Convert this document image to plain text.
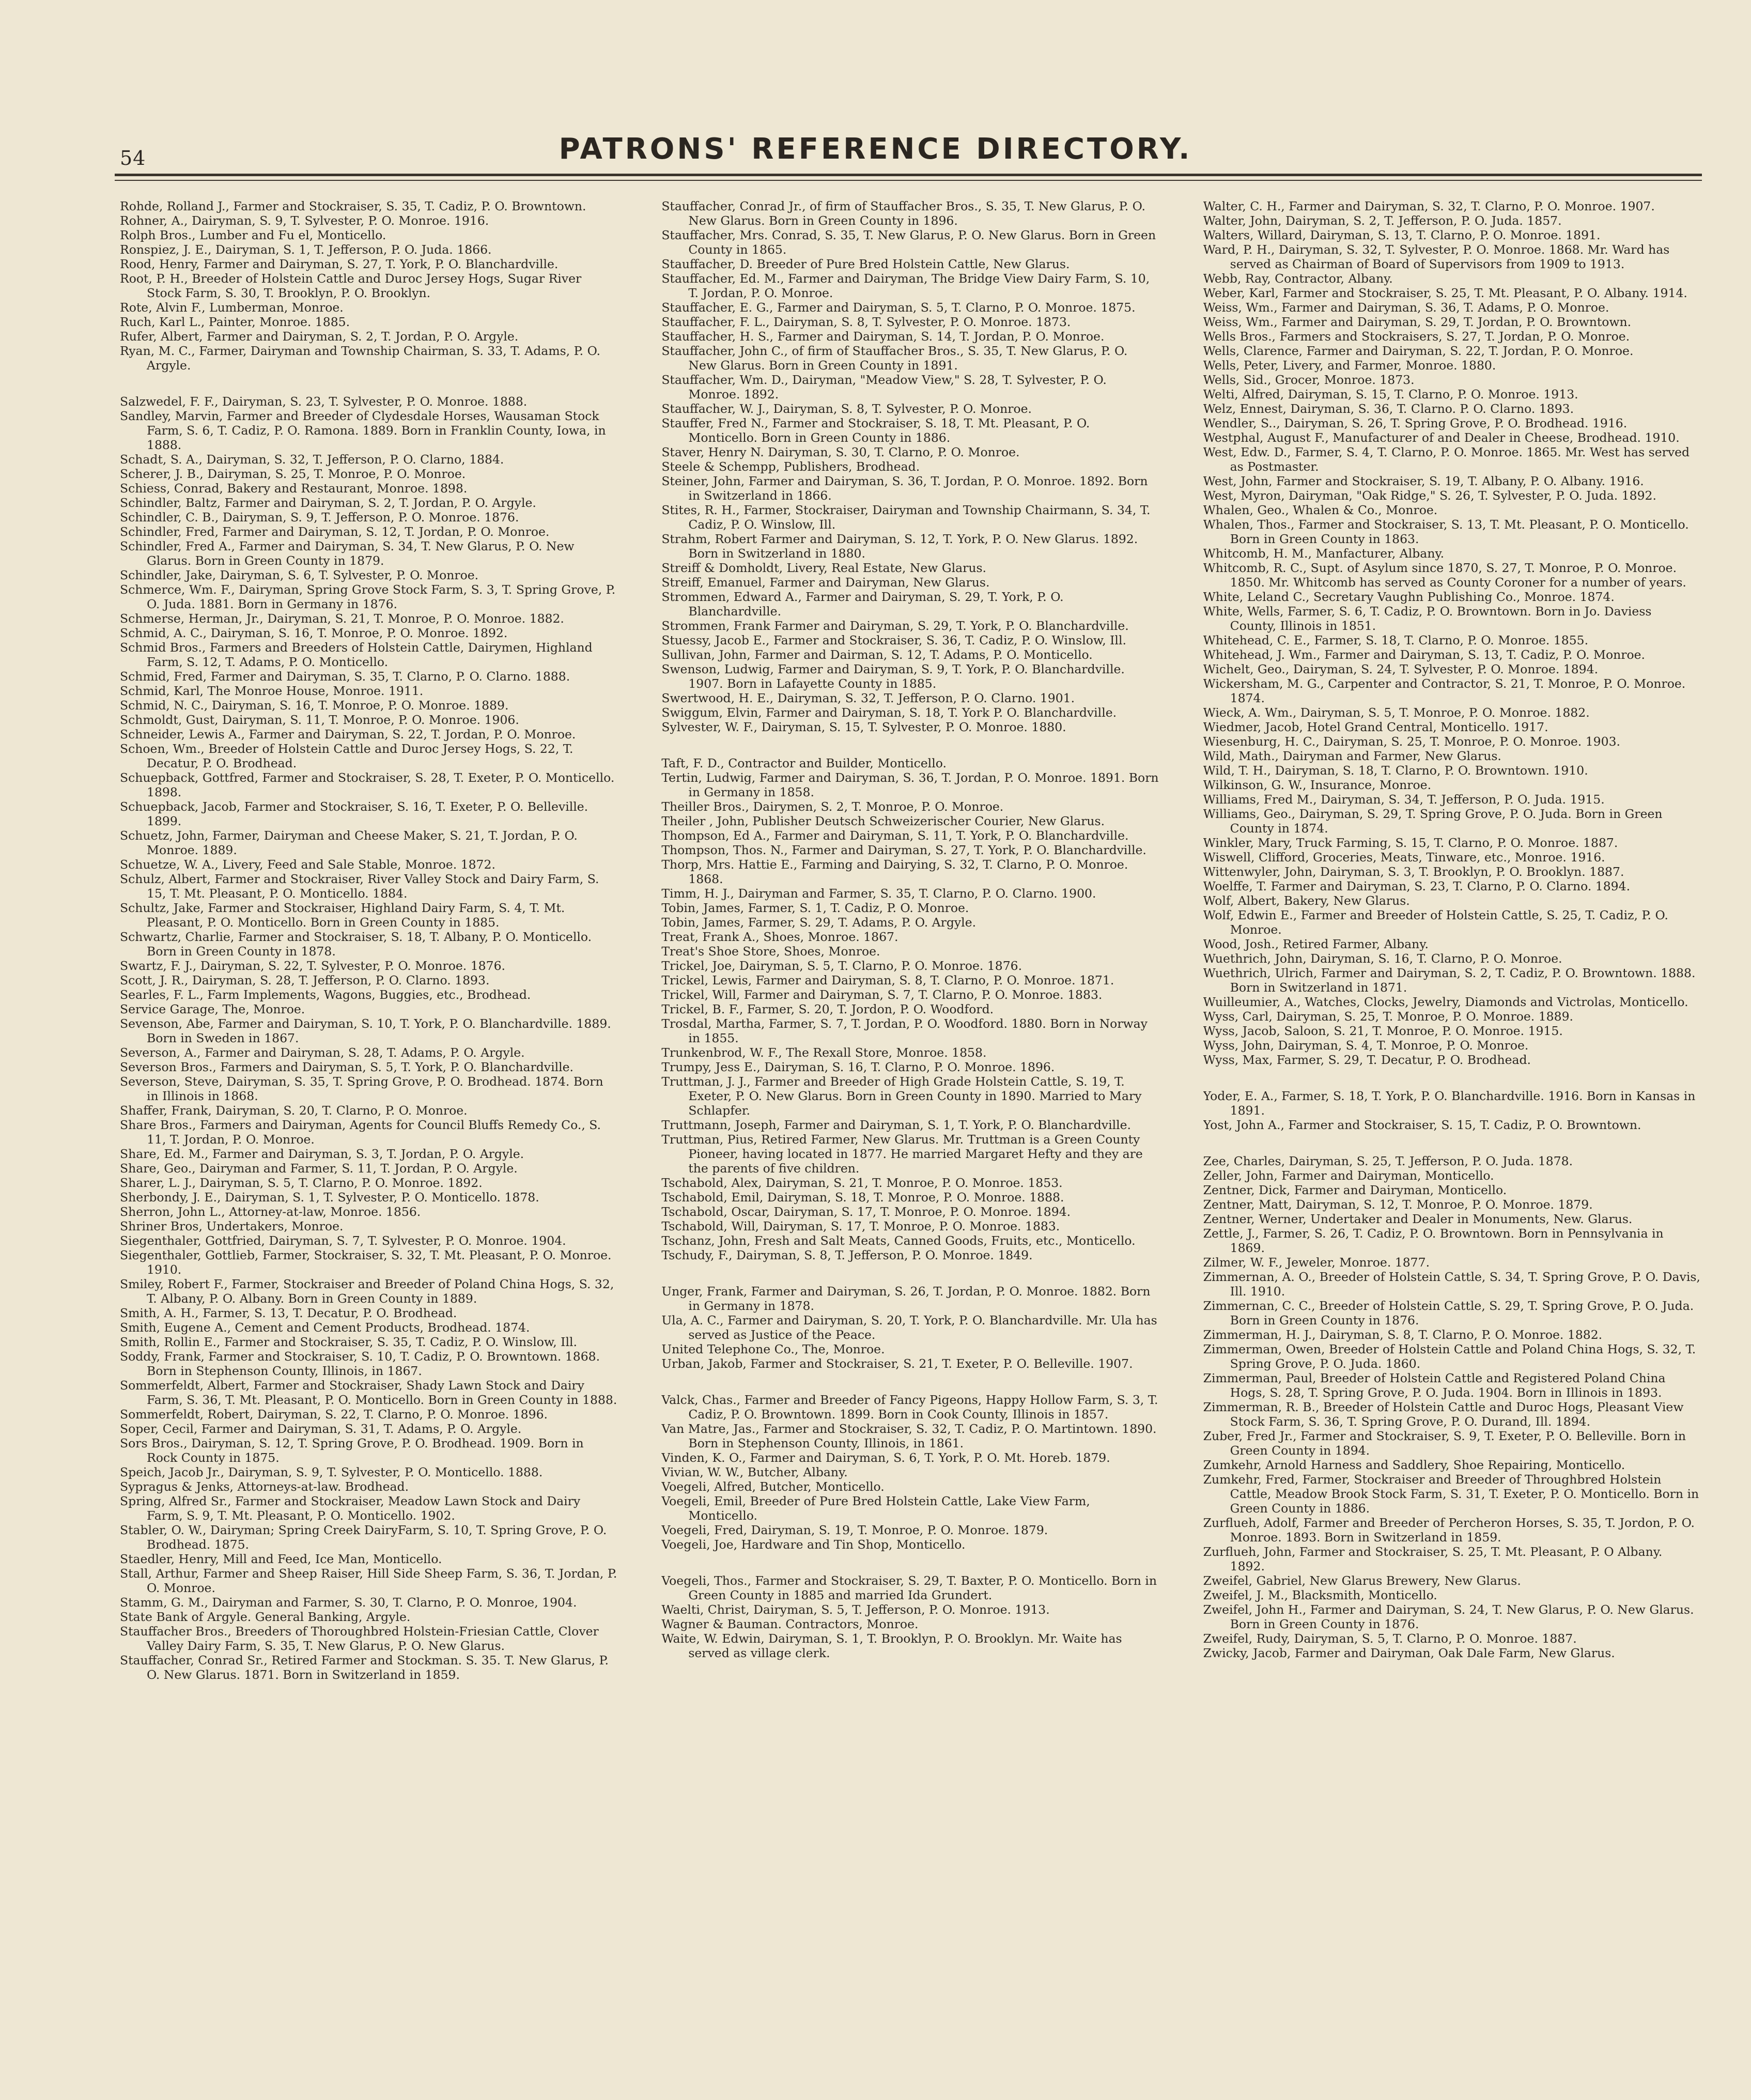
54	PATRONS' REFERENCE DIRECTORY.

Rohde, Rolland J., Farmer and Stockraiser, S. 35, T. Cadiz, P. O. Browntown.

Rohner, A., Dairyman, S. 9, T. Sylvester, P. O. Monroe. 1916.

Rolph Bros., Lumber and Fu el, Monticello.

Ronspiez, J. E., Dairyman, S. 1, T. Jefferson, P. O. Juda. 1866.

Rood, Henry, Farmer and Dairyman, S. 27, T. York, P. O. Blanchardville.

Root, P. H., Breeder of Holstein Cattle and Duroc Jersey Hogs, Sugar River Stock Farm, S. 30, T. Brooklyn, P. O. Brooklyn.

Rote, Alvin F., Lumberman, Monroe.

Ruch, Karl L., Painter, Monroe. 1885.

Rufer, Albert, Farmer and Dairyman, S. 2, T. Jordan, P. O. Argyle.

Ryan, M. C., Farmer, Dairyman and Township Chairman, S. 33, T. Adams, P. O. Argyle.

Salzwedel, F. F., Dairyman, S. 23, T. Sylvester, P. O. Monroe. 1888.

Sandley, Marvin, Farmer and Breeder of Clydesdale Horses, Wausaman Stock Farm, S. 6, T. Cadiz, P. O. Ramona. 1889. Born in Franklin County, Iowa, in 1888.

Schadt, S. A., Dairyman, S. 32, T. Jefferson, P. O. Clarno, 1884.

Scherer, J. B., Dairyman, S. 25, T. Monroe, P. O. Monroe.

Schiess, Conrad, Bakery and Restaurant, Monroe. 1898.

Schindler, Baltz, Farmer and Dairyman, S. 2, T. Jordan, P. O. Argyle.

Schindler, C. B., Dairyman, S. 9, T. Jefferson, P. O. Monroe. 1876.

Schindler, Fred, Farmer and Dairyman, S. 12, T. Jordan, P. O. Monroe.

Schindler, Fred A., Farmer and Dairyman, S. 34, T. New Glarus, P. O. New Glarus. Born in Green County in 1879.

Schindler, Jake, Dairyman, S. 6, T. Sylvester, P. O. Monroe.

Schmerce, Wm. F., Dairyman, Spring Grove Stock Farm, S. 3, T. Spring Grove, P. O. Juda. 1881. Born in Germany in 1876.

Schmerse, Herman, Jr., Dairyman, S. 21, T. Monroe, P. O. Monroe. 1882.

Schmid, A. C., Dairyman, S. 16, T. Monroe, P. O. Monroe. 1892.

Schmid Bros., Farmers and Breeders of Holstein Cattle, Dairymen, Highland Farm, S. 12, T. Adams, P. O. Monticello.

Schmid, Fred, Farmer and Dairyman, S. 35, T. Clarno, P. O. Clarno. 1888.

Schmid, Karl, The Monroe House, Monroe. 1911.

Schmid, N. C., Dairyman, S. 16, T. Monroe, P. O. Monroe. 1889.

Schmoldt, Gust, Dairyman, S. 11, T. Monroe, P. O. Monroe. 1906.

Schneider, Lewis A., Farmer and Dairyman, S. 22, T. Jordan, P. O. Monroe.

Schoen, Wm., Breeder of Holstein Cattle and Duroc Jersey Hogs, S. 22, T. Decatur, P. O. Brodhead.

Schuepback, Gottfred, Farmer and Stockraiser, S. 28, T. Exeter, P. O. Monticello. 1898.

Schuepback, Jacob, Farmer and Stockraiser, S. 16, T. Exeter, P. O. Belleville. 1899.

Schuetz, John, Farmer, Dairyman and Cheese Maker, S. 21, T. Jordan, P. O. Monroe. 1889.

Schuetze, W. A., Livery, Feed and Sale Stable, Monroe. 1872.

Schulz, Albert, Farmer and Stockraiser, River Valley Stock and Dairy Farm, S. 15, T. Mt. Pleasant, P. O. Monticello. 1884.

Schultz, Jake, Farmer and Stockraiser, Highland Dairy Farm, S. 4, T. Mt. Pleasant, P. O. Monticello. Born in Green County in 1885.

Schwartz, Charlie, Farmer and Stockraiser, S. 18, T. Albany, P. O. Monticello. Born in Green County in 1878.

Swartz, F. J., Dairyman, S. 22, T. Sylvester, P. O. Monroe. 1876.

Scott, J. R., Dairyman, S. 28, T. Jefferson, P. O. Clarno. 1893.

Searles, F. L., Farm Implements, Wagons, Buggies, etc., Brodhead.

Service Garage, The, Monroe.

Sevenson, Abe, Farmer and Dairyman, S. 10, T. York, P. O. Blanchardville. 1889. Born in Sweden in 1867.

Severson, A., Farmer and Dairyman, S. 28, T. Adams, P. O. Argyle.

Severson Bros., Farmers and Dairyman, S. 5, T. York, P. O. Blanchardville.

Severson, Steve, Dairyman, S. 35, T. Spring Grove, P. O. Brodhead. 1874. Born in Illinois in 1868.

Shaffer, Frank, Dairyman, S. 20, T. Clarno, P. O. Monroe.

Share Bros., Farmers and Dairyman, Agents for Council Bluffs Remedy Co., S. 11, T. Jordan, P. O. Monroe.

Share, Ed. M., Farmer and Dairyman, S. 3, T. Jordan, P. O. Argyle.

Share, Geo., Dairyman and Farmer, S. 11, T. Jordan, P. O. Argyle.

Sharer, L. J., Dairyman, S. 5, T. Clarno, P. O. Monroe. 1892.

Sherbondy, J. E., Dairyman, S. 1, T. Sylvester, P. O. Monticello. 1878.

Sherron, John L., Attorney-at-law, Monroe. 1856.

Shriner Bros, Undertakers, Monroe.

Siegenthaler, Gottfried, Dairyman, S. 7, T. Sylvester, P. O. Monroe. 1904.

Siegenthaler, Gottlieb, Farmer, Stockraiser, S. 32, T. Mt. Pleasant, P. O. Monroe. 1910.

Smiley, Robert F., Farmer, Stockraiser and Breeder of Poland China Hogs, S. 32, T. Albany, P. O. Albany. Born in Green County in 1889.

Smith, A. H., Farmer, S. 13, T. Decatur, P. O. Brodhead.

Smith, Eugene A., Cement and Cement Products, Brodhead. 1874.

Smith, Rollin E., Farmer and Stockraiser, S. 35, T. Cadiz, P. O. Winslow, Ill.

Soddy, Frank, Farmer and Stockraiser, S. 10, T. Cadiz, P. O. Browntown. 1868. Born in Stephenson County, Illinois, in 1867.

Sommerfeldt, Albert, Farmer and Stockraiser, Shady Lawn Stock and Dairy Farm, S. 36, T. Mt. Pleasant, P. O. Monticello. Born in Green County in 1888.

Sommerfeldt, Robert, Dairyman, S. 22, T. Clarno, P. O. Monroe. 1896.

Soper, Cecil, Farmer and Dairyman, S. 31, T. Adams, P. O. Argyle.

Sors Bros., Dairyman, S. 12, T. Spring Grove, P. O. Brodhead. 1909. Born in Rock County in 1875.

Speich, Jacob Jr., Dairyman, S. 9, T. Sylvester, P. O. Monticello. 1888.

Sypragus & Jenks, Attorneys-at-law. Brodhead.

Spring, Alfred Sr., Farmer and Stockraiser, Meadow Lawn Stock and Dairy Farm, S. 9, T. Mt. Pleasant, P. O. Monticello. 1902.

Stabler, O. W., Dairyman; Spring Creek DairyFarm, S. 10, T. Spring Grove, P. O. Brodhead. 1875.

Staedler, Henry, Mill and Feed, Ice Man, Monticello.

Stall, Arthur, Farmer and Sheep Raiser, Hill Side Sheep Farm, S. 36, T. Jordan, P. O. Monroe.

Stamm, G. M., Dairyman and Farmer, S. 30, T. Clarno, P. O. Monroe, 1904.

State Bank of Argyle. General Banking, Argyle.

Stauffacher Bros., Breeders of Thoroughbred Holstein-Friesian Cattle, Clover Valley Dairy Farm, S. 35, T. New Glarus, P. O. New Glarus.

Stauffacher, Conrad Sr., Retired Farmer and Stockman. S. 35. T. New Glarus, P. O. New Glarus. 1871. Born in Switzerland in 1859.

Stauffacher, Conrad Jr., of firm of Stauffacher Bros., S. 35, T. New Glarus, P. O. New Glarus. Born in Green County in 1896.

Stauffacher, Mrs. Conrad, S. 35, T. New Glarus, P. O. New Glarus. Born in Green County in 1865.

Stauffacher, D. Breeder of Pure Bred Holstein Cattle, New Glarus.

Stauffacher, Ed. M., Farmer and Dairyman, The Bridge View Dairy Farm, S. 10, T. Jordan, P. O. Monroe.

Stauffacher, E. G., Farmer and Dairyman, S. 5, T. Clarno, P. O. Monroe. 1875.

Stauffacher, F. L., Dairyman, S. 8, T. Sylvester, P. O. Monroe. 1873.

Stauffacher, H. S., Farmer and Dairyman, S. 14, T. Jordan, P. O. Monroe.

Stauffacher, John C., of firm of Stauffacher Bros., S. 35, T. New Glarus, P. O. New Glarus. Born in Green County in 1891.

Stauffacher, Wm. D., Dairyman, "Meadow View," S. 28, T. Sylvester, P. O. Monroe. 1892.

Stauffacher, W. J., Dairyman, S. 8, T. Sylvester, P. O. Monroe.

Stauffer, Fred N., Farmer and Stockraiser, S. 18, T. Mt. Pleasant, P. O. Monticello. Born in Green County in 1886.

Staver, Henry N. Dairyman, S. 30, T. Clarno, P. O. Monroe.

Steele & Schempp, Publishers, Brodhead.

Steiner, John, Farmer and Dairyman, S. 36, T. Jordan, P. O. Monroe. 1892. Born in Switzerland in 1866.

Stites, R. H., Farmer, Stockraiser, Dairyman and Township Chairmann, S. 34, T. Cadiz, P. O. Winslow, Ill.

Strahm, Robert Farmer and Dairyman, S. 12, T. York, P. O. New Glarus. 1892. Born in Switzerland in 1880.

Streiff & Domholdt, Livery, Real Estate, New Glarus.

Streiff, Emanuel, Farmer and Dairyman, New Glarus.

Strommen, Edward A., Farmer and Dairyman, S. 29, T. York, P. O. Blanchardville.

Strommen, Frank Farmer and Dairyman, S. 29, T. York, P. O. Blanchardville.

Stuessy, Jacob E., Farmer and Stockraiser, S. 36, T. Cadiz, P. O. Winslow, Ill.

Sullivan, John, Farmer and Dairman, S. 12, T. Adams, P. O. Monticello.

Swenson, Ludwig, Farmer and Dairyman, S. 9, T. York, P. O. Blanchardville. 1907. Born in Lafayette County in 1885.

Swertwood, H. E., Dairyman, S. 32, T. Jefferson, P. O. Clarno. 1901.

Swiggum, Elvin, Farmer and Dairyman, S. 18, T. York P. O. Blanchardville.

Sylvester, W. F., Dairyman, S. 15, T. Sylvester, P. O. Monroe. 1880.

Taft, F. D., Contractor and Builder, Monticello.

Tertin, Ludwig, Farmer and Dairyman, S. 36, T. Jordan, P. O. Monroe. 1891. Born in Germany in 1858.

Theiller Bros., Dairymen, S. 2, T. Monroe, P. O. Monroe.

Theiler , John, Publisher Deutsch Schweizerischer Courier, New Glarus.

Thompson, Ed A., Farmer and Dairyman, S. 11, T. York, P. O. Blanchardville.

Thompson, Thos. N., Farmer and Dairyman, S. 27, T. York, P. O. Blanchardville.

Thorp, Mrs. Hattie E., Farming and Dairying, S. 32, T. Clarno, P. O. Monroe. 1868.

Timm, H. J., Dairyman and Farmer, S. 35, T. Clarno, P. O. Clarno. 1900.

Tobin, James, Farmer, S. 1, T. Cadiz, P. O. Monroe.

Tobin, James, Farmer, S. 29, T. Adams, P. O. Argyle.

Treat, Frank A., Shoes, Monroe. 1867.

Treat's Shoe Store, Shoes, Monroe.

Trickel, Joe, Dairyman, S. 5, T. Clarno, P. O. Monroe. 1876.

Trickel, Lewis, Farmer and Dairyman, S. 8, T. Clarno, P. O. Monroe. 1871.

Trickel, Will, Farmer and Dairyman, S. 7, T. Clarno, P. O. Monroe. 1883.

Trickel, B. F., Farmer, S. 20, T. Jordon, P. O. Woodford.

Trosdal, Martha, Farmer, S. 7, T. Jordan, P. O. Woodford. 1880. Born in Norway in 1855.

Trunkenbrod, W. F., The Rexall Store, Monroe. 1858.

Trumpy, Jess E., Dairyman, S. 16, T. Clarno, P. O. Monroe. 1896.

Truttman, J. J., Farmer and Breeder of High Grade Holstein Cattle, S. 19, T. Exeter, P. O. New Glarus. Born in Green County in 1890. Married to Mary Schlapfer.

Truttmann, Joseph, Farmer and Dairyman, S. 1, T. York, P. O. Blanchardville.

Truttman, Pius, Retired Farmer, New Glarus. Mr. Truttman is a Green County Pioneer, having located in 1877. He married Margaret Hefty and they are the parents of five children.

Tschabold, Alex, Dairyman, S. 21, T. Monroe, P. O. Monroe. 1853.

Tschabold, Emil, Dairyman, S. 18, T. Monroe, P. O. Monroe. 1888.

Tschabold, Oscar, Dairyman, S. 17, T. Monroe, P. O. Monroe. 1894.

Tschabold, Will, Dairyman, S. 17, T. Monroe, P. O. Monroe. 1883.

Tschanz, John, Fresh and Salt Meats, Canned Goods, Fruits, etc., Monticello.

Tschudy, F., Dairyman, S. 8, T. Jefferson, P. O. Monroe. 1849.

Unger, Frank, Farmer and Dairyman, S. 26, T. Jordan, P. O. Monroe. 1882. Born in Germany in 1878.

Ula, A. C., Farmer and Dairyman, S. 20, T. York, P. O. Blanchardville. Mr. Ula has served as Justice of the Peace.

United Telephone Co., The, Monroe.

Urban, Jakob, Farmer and Stockraiser, S. 21, T. Exeter, P. O. Belleville. 1907.

Valck, Chas., Farmer and Breeder of Fancy Pigeons, Happy Hollow Farm, S. 3, T. Cadiz, P. O. Browntown. 1899. Born in Cook County, Illinois in 1857.

Van Matre, Jas., Farmer and Stockraiser, S. 32, T. Cadiz, P. O. Martintown. 1890. Born in Stephenson County, Illinois, in 1861.

Vinden, K. O., Farmer and Dairyman, S. 6, T. York, P. O. Mt. Horeb. 1879.

Vivian, W. W., Butcher, Albany.

Voegeli, Alfred, Butcher, Monticello.

Voegeli, Emil, Breeder of Pure Bred Holstein Cattle, Lake View Farm, Monticello.

Voegeli, Fred, Dairyman, S. 19, T. Monroe, P. O. Monroe. 1879.

Voegeli, Joe, Hardware and Tin Shop, Monticello.

Voegeli, Thos., Farmer and Stockraiser, S. 29, T. Baxter, P. O. Monticello. Born in Green County in 1885 and married Ida Grundert.

Waelti, Christ, Dairyman, S. 5, T. Jefferson, P. O. Monroe. 1913.

Wagner & Bauman. Contractors, Monroe.

Waite, W. Edwin, Dairyman, S. 1, T. Brooklyn, P. O. Brooklyn. Mr. Waite has served as village clerk.

Walter, C. H., Farmer and Dairyman, S. 32, T. Clarno, P. O. Monroe. 1907.

Walter, John, Dairyman, S. 2, T. Jefferson, P. O. Juda. 1857.

Walters, Willard, Dairyman, S. 13, T. Clarno, P. O. Monroe. 1891.

Ward, P. H., Dairyman, S. 32, T. Sylvester, P. O. Monroe. 1868. Mr. Ward has served as Chairman of Board of Supervisors from 1909 to 1913.

Webb, Ray, Contractor, Albany.

Weber, Karl, Farmer and Stockraiser, S. 25, T. Mt. Pleasant, P. O. Albany. 1914.

Weiss, Wm., Farmer and Dairyman, S. 36, T. Adams, P. O. Monroe.

Weiss, Wm., Farmer and Dairyman, S. 29, T. Jordan, P. O. Browntown.

Wells Bros., Farmers and Stockraisers, S. 27, T. Jordan, P. O. Monroe.

Wells, Clarence, Farmer and Dairyman, S. 22, T. Jordan, P. O. Monroe.

Wells, Peter, Livery, and Farmer, Monroe. 1880.

Wells, Sid., Grocer, Monroe. 1873.

Welti, Alfred, Dairyman, S. 15, T. Clarno, P. O. Monroe. 1913.

Welz, Ennest, Dairyman, S. 36, T. Clarno. P. O. Clarno. 1893.

Wendler, S.., Dairyman, S. 26, T. Spring Grove, P. O. Brodhead. 1916.

Westphal, August F., Manufacturer of and Dealer in Cheese, Brodhead. 1910.

West, Edw. D., Farmer, S. 4, T. Clarno, P. O. Monroe. 1865. Mr. West has served as Postmaster.

West, John, Farmer and Stockraiser, S. 19, T. Albany, P. O. Albany. 1916.

West, Myron, Dairyman, "Oak Ridge," S. 26, T. Sylvester, P. O. Juda. 1892.

Whalen, Geo., Whalen & Co., Monroe.

Whalen, Thos., Farmer and Stockraiser, S. 13, T. Mt. Pleasant, P. O. Monticello. Born in Green County in 1863.

Whitcomb, H. M., Manfacturer, Albany.

Whitcomb, R. C., Supt. of Asylum since 1870, S. 27, T. Monroe, P. O. Monroe. 1850. Mr. Whitcomb has served as County Coroner for a number of years.

White, Leland C., Secretary Vaughn Publishing Co., Monroe. 1874.

White, Wells, Farmer, S. 6, T. Cadiz, P. O. Browntown. Born in Jo. Daviess County, Illinois in 1851.

Whitehead, C. E., Farmer, S. 18, T. Clarno, P. O. Monroe. 1855.

Whitehead, J. Wm., Farmer and Dairyman, S. 13, T. Cadiz, P. O. Monroe.

Wichelt, Geo., Dairyman, S. 24, T. Sylvester, P. O. Monroe. 1894.

Wickersham, M. G., Carpenter and Contractor, S. 21, T. Monroe, P. O. Monroe. 1874.

Wieck, A. Wm., Dairyman, S. 5, T. Monroe, P. O. Monroe. 1882.

Wiedmer, Jacob, Hotel Grand Central, Monticello. 1917.

Wiesenburg, H. C., Dairyman, S. 25, T. Monroe, P. O. Monroe. 1903.

Wild, Math., Dairyman and Farmer, New Glarus.

Wild, T. H., Dairyman, S. 18, T. Clarno, P. O. Browntown. 1910.

Wilkinson, G. W., Insurance, Monroe.

Williams, Fred M., Dairyman, S. 34, T. Jefferson, P. O. Juda. 1915.

Williams, Geo., Dairyman, S. 29, T. Spring Grove, P. O. Juda. Born in Green County in 1874.

Winkler, Mary, Truck Farming, S. 15, T. Clarno, P. O. Monroe. 1887.

Wiswell, Clifford, Groceries, Meats, Tinware, etc., Monroe. 1916.

Wittenwyler, John, Dairyman, S. 3, T. Brooklyn, P. O. Brooklyn. 1887.

Woelffe, T. Farmer and Dairyman, S. 23, T. Clarno, P. O. Clarno. 1894.

Wolf, Albert, Bakery, New Glarus.

Wolf, Edwin E., Farmer and Breeder of Holstein Cattle, S. 25, T. Cadiz, P. O. Monroe.

Wood, Josh., Retired Farmer, Albany.

Wuethrich, John, Dairyman, S. 16, T. Clarno, P. O. Monroe.

Wuethrich, Ulrich, Farmer and Dairyman, S. 2, T. Cadiz, P. O. Browntown. 1888. Born in Switzerland in 1871.

Wuilleumier, A., Watches, Clocks, Jewelry, Diamonds and Victrolas, Monticello.

Wyss, Carl, Dairyman, S. 25, T. Monroe, P. O. Monroe. 1889.

Wyss, Jacob, Saloon, S. 21, T. Monroe, P. O. Monroe. 1915.

Wyss, John, Dairyman, S. 4, T. Monroe, P. O. Monroe.

Wyss, Max, Farmer, S. 29, T. Decatur, P. O. Brodhead.

Yoder, E. A., Farmer, S. 18, T. York, P. O. Blanchardville. 1916. Born in Kansas in 1891.

Yost, John A., Farmer and Stockraiser, S. 15, T. Cadiz, P. O. Browntown.

Zee, Charles, Dairyman, S. 25, T. Jefferson, P. O. Juda. 1878.

Zeller, John, Farmer and Dairyman, Monticello.

Zentner, Dick, Farmer and Dairyman, Monticello.

Zentner, Matt, Dairyman, S. 12, T. Monroe, P. O. Monroe. 1879.

Zentner, Werner, Undertaker and Dealer in Monuments, New. Glarus.

Zettle, J., Farmer, S. 26, T. Cadiz, P. O. Browntown. Born in Pennsylvania in 1869.

Zilmer, W. F., Jeweler, Monroe. 1877.

Zimmernan, A. O., Breeder of Holstein Cattle, S. 34, T. Spring Grove, P. O. Davis, Ill. 1910.

Zimmernan, C. C., Breeder of Holstein Cattle, S. 29, T. Spring Grove, P. O. Juda. Born in Green County in 1876.

Zimmerman, H. J., Dairyman, S. 8, T. Clarno, P. O. Monroe. 1882.

Zimmerman, Owen, Breeder of Holstein Cattle and Poland China Hogs, S. 32, T. Spring Grove, P. O. Juda. 1860.

Zimmerman, Paul, Breeder of Holstein Cattle and Registered Poland China Hogs, S. 28, T. Spring Grove, P. O. Juda. 1904. Born in Illinois in 1893.

Zimmerman, R. B., Breeder of Holstein Cattle and Duroc Hogs, Pleasant View Stock Farm, S. 36, T. Spring Grove, P. O. Durand, Ill. 1894.

Zuber, Fred Jr., Farmer and Stockraiser, S. 9, T. Exeter, P. O. Belleville. Born in Green County in 1894.

Zumkehr, Arnold Harness and Saddlery, Shoe Repairing, Monticello.

Zumkehr, Fred, Farmer, Stockraiser and Breeder of Throughbred Holstein Cattle, Meadow Brook Stock Farm, S. 31, T. Exeter, P. O. Monticello. Born in Green County in 1886.

Zurflueh, Adolf, Farmer and Breeder of Percheron Horses, S. 35, T. Jordon, P. O. Monroe. 1893. Born in Switzerland in 1859.

Zurflueh, John, Farmer and Stockraiser, S. 25, T. Mt. Pleasant, P. O Albany. 1892.

Zweifel, Gabriel, New Glarus Brewery, New Glarus.

Zweifel, J. M., Blacksmith, Monticello.

Zweifel, John H., Farmer and Dairyman, S. 24, T. New Glarus, P. O. New Glarus. Born in Green County in 1876.

Zweifel, Rudy, Dairyman, S. 5, T. Clarno, P. O. Monroe. 1887.

Zwicky, Jacob, Farmer and Dairyman, Oak Dale Farm, New Glarus.
